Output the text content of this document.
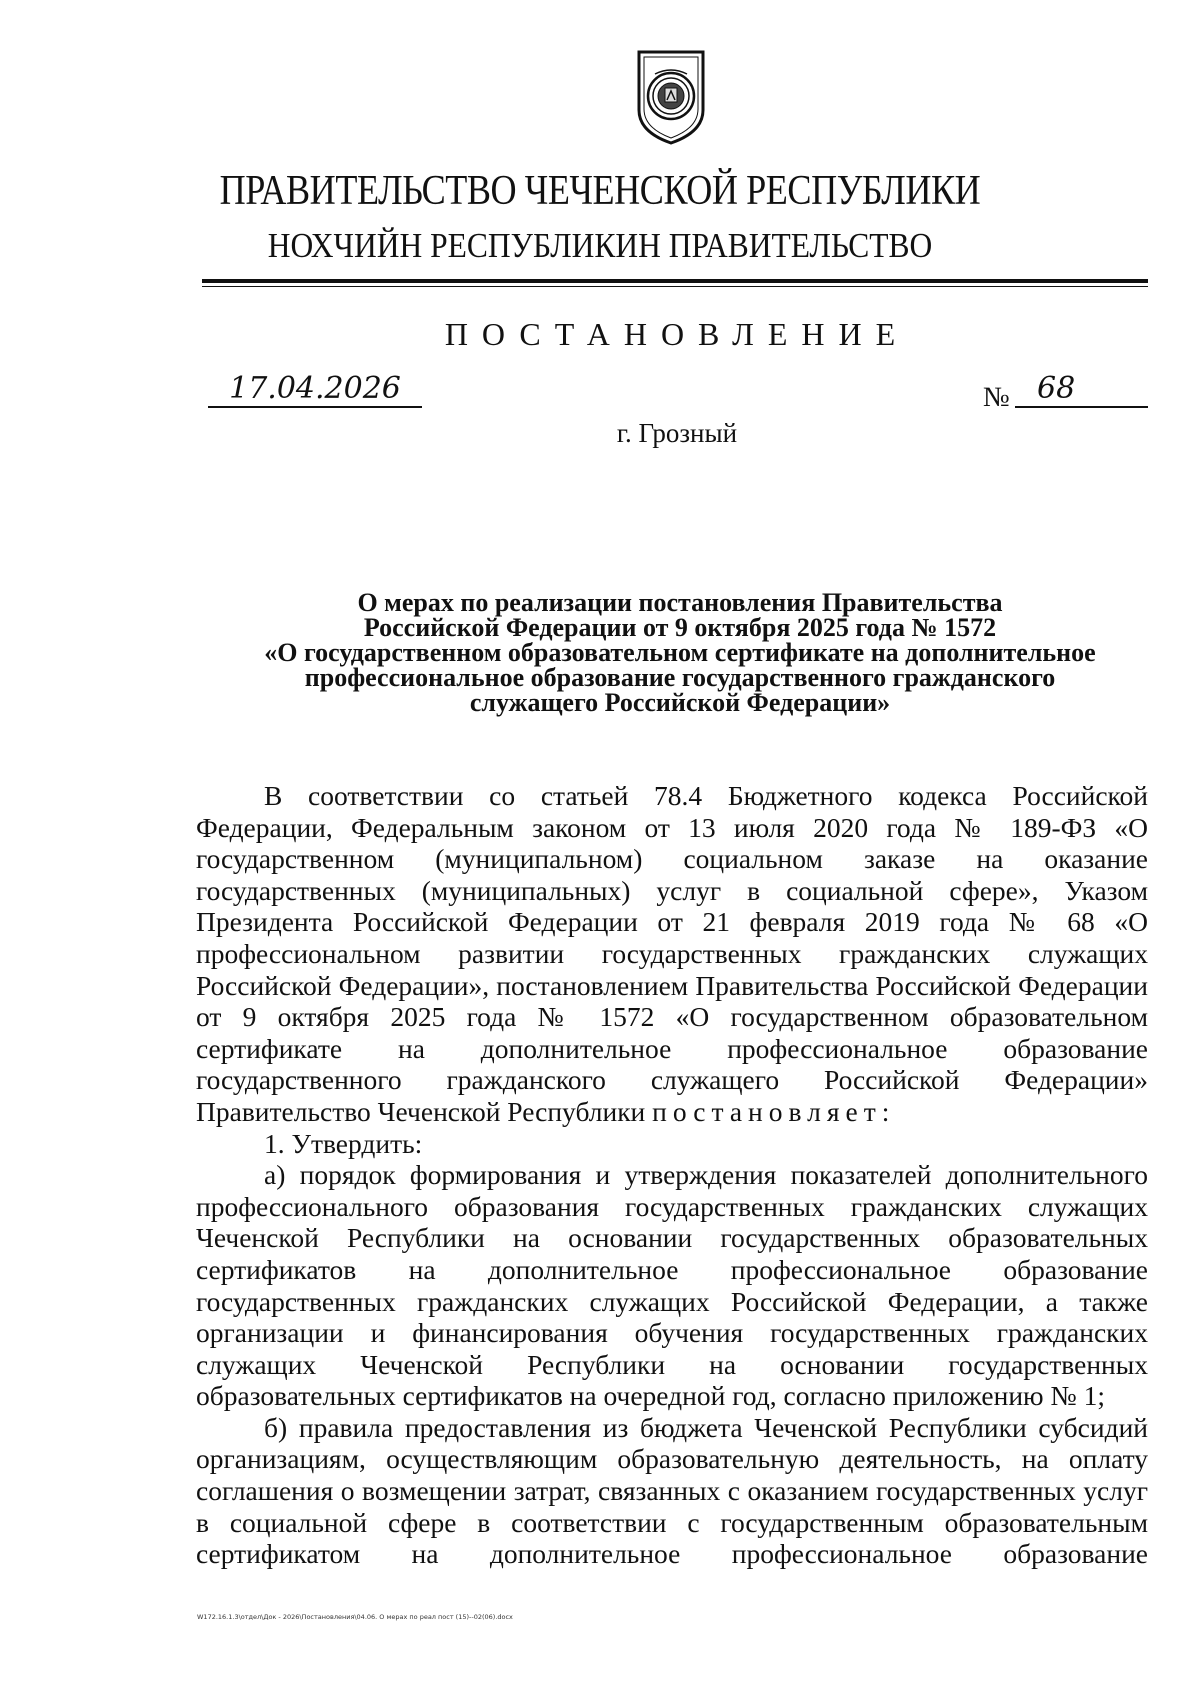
ПРАВИТЕЛЬСТВО ЧЕЧЕНСКОЙ РЕСПУБЛИКИ
НОХЧИЙН РЕСПУБЛИКИН ПРАВИТЕЛЬСТВО
ПОСТАНОВЛЕНИЕ
17.04.2026	№ 68
г. Грозный
О мерах по реализации постановления Правительства
Российской Федерации от 9 октября 2025 года № 1572
«О государственном образовательном сертификате на дополнительное
профессиональное образование государственного гражданского
служащего Российской Федерации»

В соответствии со статьей 78.4 Бюджетного кодекса Российской Федерации, Федеральным законом от 13 июля 2020 года № 189-ФЗ «О государственном (муниципальном) социальном заказе на оказание государственных (муниципальных) услуг в социальной сфере», Указом Президента Российской Федерации от 21 февраля 2019 года № 68 «О профессиональном развитии государственных гражданских служащих Российской Федерации», постановлением Правительства Российской Федерации от 9 октября 2025 года № 1572 «О государственном образовательном сертификате на дополнительное профессиональное образование государственного гражданского служащего Российской Федерации»

Правительство Чеченской Республики постановляет:

1. Утвердить:

а) порядок формирования и утверждения показателей дополнительного профессионального образования государственных гражданских служащих Чеченской Республики на основании государственных образовательных сертификатов на дополнительное профессиональное образование государственных гражданских служащих Российской Федерации, а также организации и финансирования обучения государственных гражданских служащих Чеченской Республики на основании государственных образовательных сертификатов на очередной год, согласно приложению № 1;

б) правила предоставления из бюджета Чеченской Республики субсидий организациям, осуществляющим образовательную деятельность, на оплату соглашения о возмещении затрат, связанных с оказанием государственных услуг в социальной сфере в соответствии с государственным образовательным сертификатом на дополнительное профессиональное образование

W172.16.1.3\отдел\Док - 2026\Постановления\04.06. О мерах по реал пост (15)--02(06).docx
